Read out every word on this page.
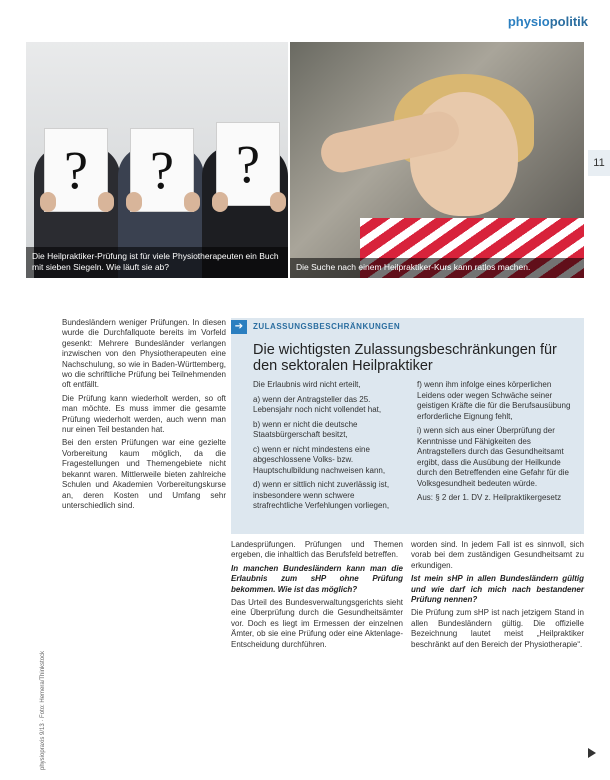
physiopolitik
11
?	?	?
Die Heilpraktiker-Prüfung ist für viele Physiotherapeuten ein Buch mit sieben Siegeln. Wie läuft sie ab?	Die Suche nach einem Heilpraktiker-Kurs kann ratlos machen.

Bundesländern weniger Prüfungen. In diesen wurde die Durchfallquote bereits im Vorfeld gesenkt: Mehrere Bundesländer verlangen inzwischen von den Physiotherapeuten eine Nachschulung, so wie in Baden-Württemberg, wo die schriftliche Prüfung bei Teilnehmenden oft entfällt.

Die Prüfung kann wiederholt werden, so oft man möchte. Es muss immer die gesamte Prüfung wiederholt werden, auch wenn man nur einen Teil bestanden hat.

Bei den ersten Prüfungen war eine gezielte Vorbereitung kaum möglich, da die Fragestellungen und Themengebiete nicht bekannt waren. Mittlerweile bieten zahlreiche Schulen und Akademien Vorbereitungskurse an, deren Kosten und Umfang sehr unterschiedlich sind.

➔	ZULASSUNGSBESCHRÄNKUNGEN
Die wichtigsten Zulassungsbeschränkungen für den sektoralen Heilpraktiker

Die Erlaubnis wird nicht erteilt,

a) wenn der Antragsteller das 25. Lebensjahr noch nicht vollendet hat,

b) wenn er nicht die deutsche Staatsbürgerschaft besitzt,

c) wenn er nicht mindestens eine abgeschlossene Volks- bzw. Hauptschulbildung nachweisen kann,

d) wenn er sittlich nicht zuverlässig ist, insbesondere wenn schwere strafrechtliche Verfehlungen vorliegen,

f) wenn ihm infolge eines körperlichen Leidens oder wegen Schwäche seiner geistigen Kräfte die für die Berufsausübung erforderliche Eignung fehlt,

i) wenn sich aus einer Überprüfung der Kenntnisse und Fähigkeiten des Antragstellers durch das Gesundheitsamt ergibt, dass die Ausübung der Heilkunde durch den Betreffenden eine Gefahr für die Volksgesundheit bedeuten würde.

Aus: § 2 der 1. DV z. Heilpraktikergesetz

Landesprüfungen. Prüfungen und Themen ergeben, die inhaltlich das Berufsfeld betreffen.

In manchen Bundesländern kann man die Erlaubnis zum sHP ohne Prüfung bekommen. Wie ist das möglich?

Das Urteil des Bundesverwaltungsgerichts sieht eine Überprüfung durch die Gesundheitsämter vor. Doch es liegt im Ermessen der einzelnen Ämter, ob sie eine Prüfung oder eine Aktenlage-Entscheidung durchführen.

worden sind. In jedem Fall ist es sinnvoll, sich vorab bei dem zuständigen Gesundheitsamt zu erkundigen.

Ist mein sHP in allen Bundesländern gültig und wie darf ich mich nach bestandener Prüfung nennen?

Die Prüfung zum sHP ist nach jetzigem Stand in allen Bundesländern gültig. Die offizielle Bezeichnung lautet meist „Heilpraktiker beschränkt auf den Bereich der Physiotherapie“.

physiopraxis 9/13 · Foto: Hemera/Thinkstock
